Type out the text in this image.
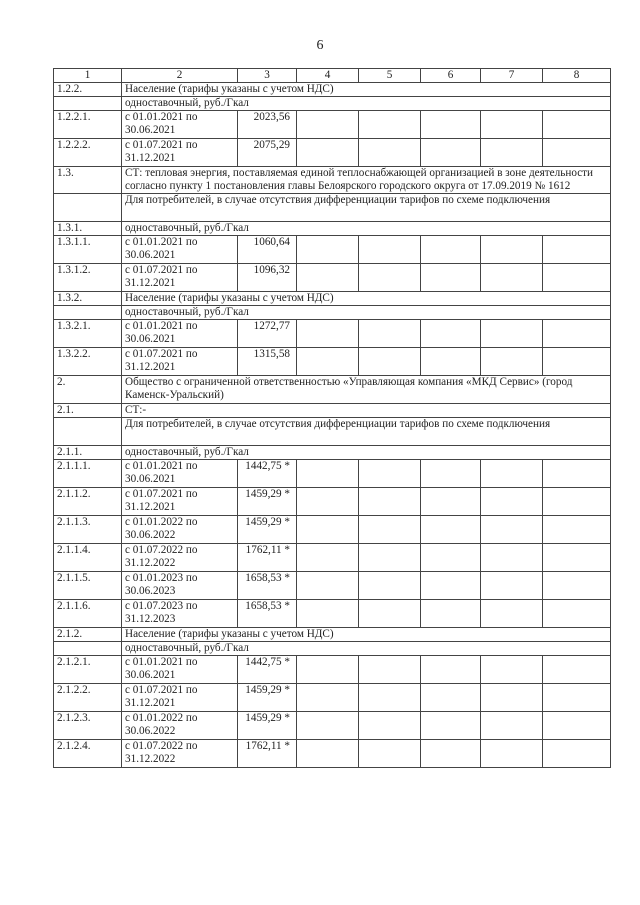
6
1	2	3	4	5	6	7	8
1.2.2.	Население (тарифы указаны с учетом НДС)						
	одноставочный, руб./Гкал						
1.2.2.1.	с 01.01.2021 по 30.06.2021	2023,56					
1.2.2.2.	с 01.07.2021 по 31.12.2021	2075,29					
1.3.	СТ: тепловая энергия, поставляемая единой теплоснабжающей организацией в зоне деятельности согласно пункту 1 постановления главы Белоярского городского округа от 17.09.2019 № 1612						
	Для потребителей, в случае отсутствия дифференциации тарифов по схеме подключения						
1.3.1.	одноставочный, руб./Гкал						
1.3.1.1.	с 01.01.2021 по 30.06.2021	1060,64					
1.3.1.2.	с 01.07.2021 по 31.12.2021	1096,32					
1.3.2.	Население (тарифы указаны с учетом НДС)						
	одноставочный, руб./Гкал						
1.3.2.1.	с 01.01.2021 по 30.06.2021	1272,77					
1.3.2.2.	с 01.07.2021 по 31.12.2021	1315,58					
2.	Общество с ограниченной ответственностью «Управляющая компания «МКД Сервис» (город Каменск-Уральский)						
2.1.	СТ:-						
	Для потребителей, в случае отсутствия дифференциации тарифов по схеме подключения						
2.1.1.	одноставочный, руб./Гкал						
2.1.1.1.	с 01.01.2021 по 30.06.2021	1442,75 *					
2.1.1.2.	с 01.07.2021 по 31.12.2021	1459,29 *					
2.1.1.3.	с 01.01.2022 по 30.06.2022	1459,29 *					
2.1.1.4.	с 01.07.2022 по 31.12.2022	1762,11 *					
2.1.1.5.	с 01.01.2023 по 30.06.2023	1658,53 *					
2.1.1.6.	с 01.07.2023 по 31.12.2023	1658,53 *					
2.1.2.	Население (тарифы указаны с учетом НДС)						
	одноставочный, руб./Гкал						
2.1.2.1.	с 01.01.2021 по 30.06.2021	1442,75 *					
2.1.2.2.	с 01.07.2021 по 31.12.2021	1459,29 *					
2.1.2.3.	с 01.01.2022 по 30.06.2022	1459,29 *					
2.1.2.4.	с 01.07.2022 по 31.12.2022	1762,11 *					
